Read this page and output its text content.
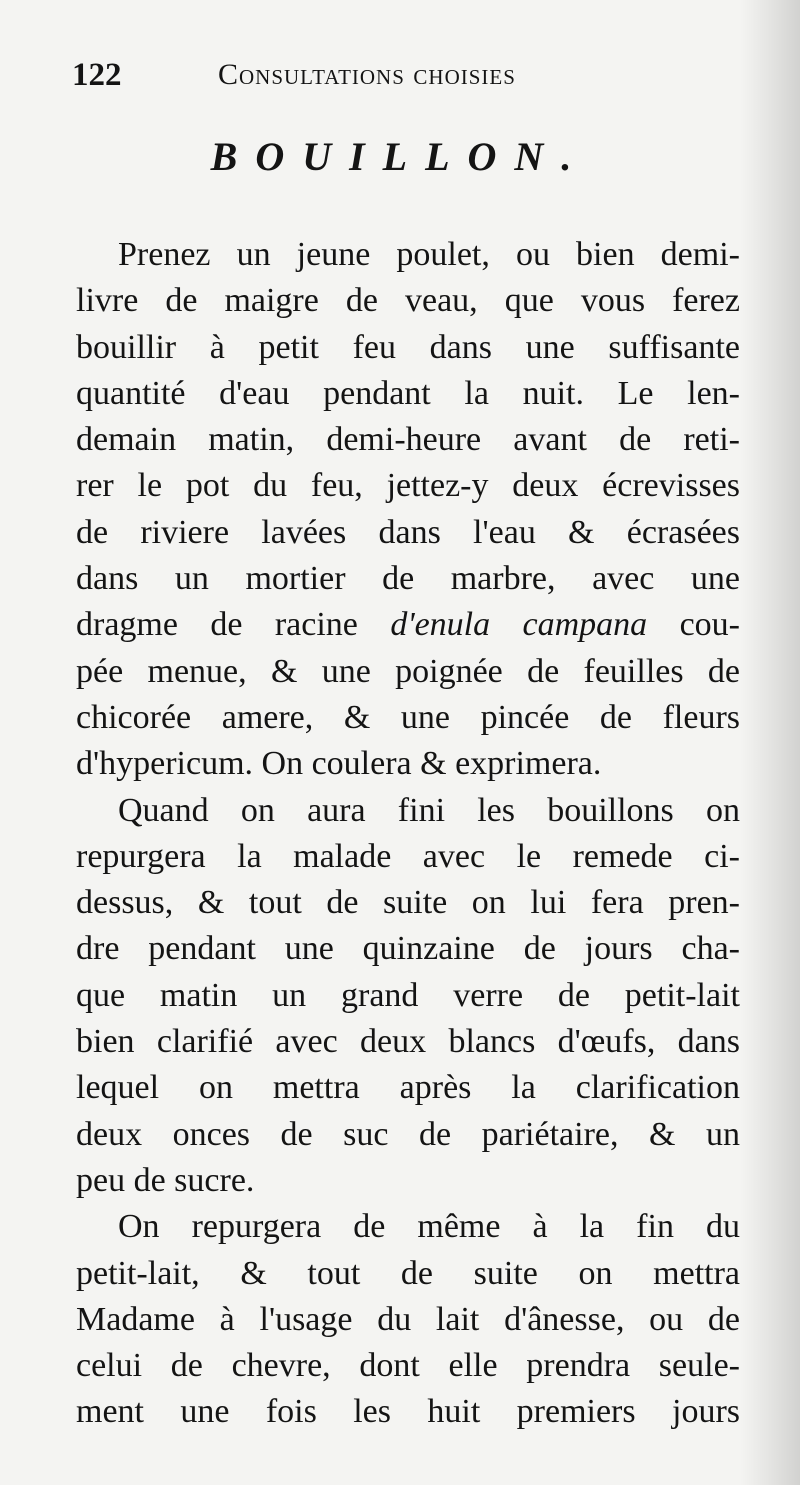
122	Consultations choisies
BOUILLON.
Prenez un jeune poulet, ou bien demi-
livre de maigre de veau, que vous ferez
bouillir à petit feu dans une suffisante
quantité d'eau pendant la nuit. Le len-
demain matin, demi-heure avant de reti-
rer le pot du feu, jettez-y deux écrevisses
de riviere lavées dans l'eau & écrasées
dans un mortier de marbre, avec une
dragme de racine d'enula campana cou-
pée menue, & une poignée de feuilles de
chicorée amere, & une pincée de fleurs
d'hypericum. On coulera & exprimera.
Quand on aura fini les bouillons on
repurgera la malade avec le remede ci-
dessus, & tout de suite on lui fera pren-
dre pendant une quinzaine de jours cha-
que matin un grand verre de petit-lait
bien clarifié avec deux blancs d'œufs, dans
lequel on mettra après la clarification
deux onces de suc de pariétaire, & un
peu de sucre.
On repurgera de même à la fin du
petit-lait, & tout de suite on mettra
Madame à l'usage du lait d'ânesse, ou de
celui de chevre, dont elle prendra seule-
ment une fois les huit premiers jours
